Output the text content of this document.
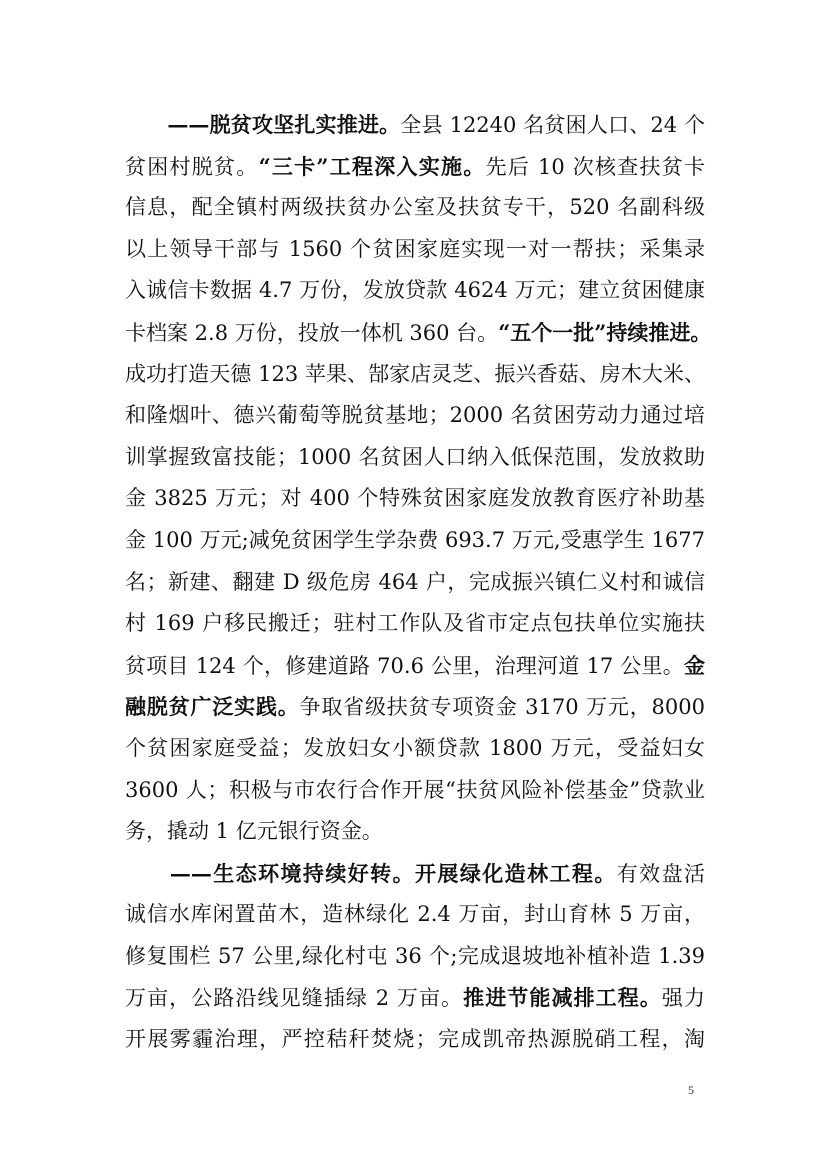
　　——脱贫攻坚扎实推进。全县 12240 名贫困人口、24 个
贫困村脱贫。“三卡”工程深入实施。先后 10 次核查扶贫卡
信息，配全镇村两级扶贫办公室及扶贫专干，520 名副科级
以上领导干部与 1560 个贫困家庭实现一对一帮扶；采集录
入诚信卡数据 4.7 万份，发放贷款 4624 万元；建立贫困健康
卡档案 2.8 万份，投放一体机 360 台。“五个一批”持续推进。
成功打造天德 123 苹果、郜家店灵芝、振兴香菇、房木大米、
和隆烟叶、德兴葡萄等脱贫基地；2000 名贫困劳动力通过培
训掌握致富技能；1000 名贫困人口纳入低保范围，发放救助
金 3825 万元；对 400 个特殊贫困家庭发放教育医疗补助基
金 100 万元;减免贫困学生学杂费 693.7 万元,受惠学生 1677
名；新建、翻建 D 级危房 464 户，完成振兴镇仁义村和诚信
村 169 户移民搬迁；驻村工作队及省市定点包扶单位实施扶
贫项目 124 个，修建道路 70.6 公里，治理河道 17 公里。金
融脱贫广泛实践。争取省级扶贫专项资金 3170 万元，8000
个贫困家庭受益；发放妇女小额贷款 1800 万元，受益妇女
3600 人；积极与市农行合作开展“扶贫风险补偿基金”贷款业
务，撬动 1 亿元银行资金。
　　——生态环境持续好转。开展绿化造林工程。有效盘活
诚信水库闲置苗木，造林绿化 2.4 万亩，封山育林 5 万亩，
修复围栏 57 公里,绿化村屯 36 个;完成退坡地补植补造 1.39
万亩，公路沿线见缝插绿 2 万亩。推进节能减排工程。强力
开展雾霾治理，严控秸秆焚烧；完成凯帝热源脱硝工程，淘
5
